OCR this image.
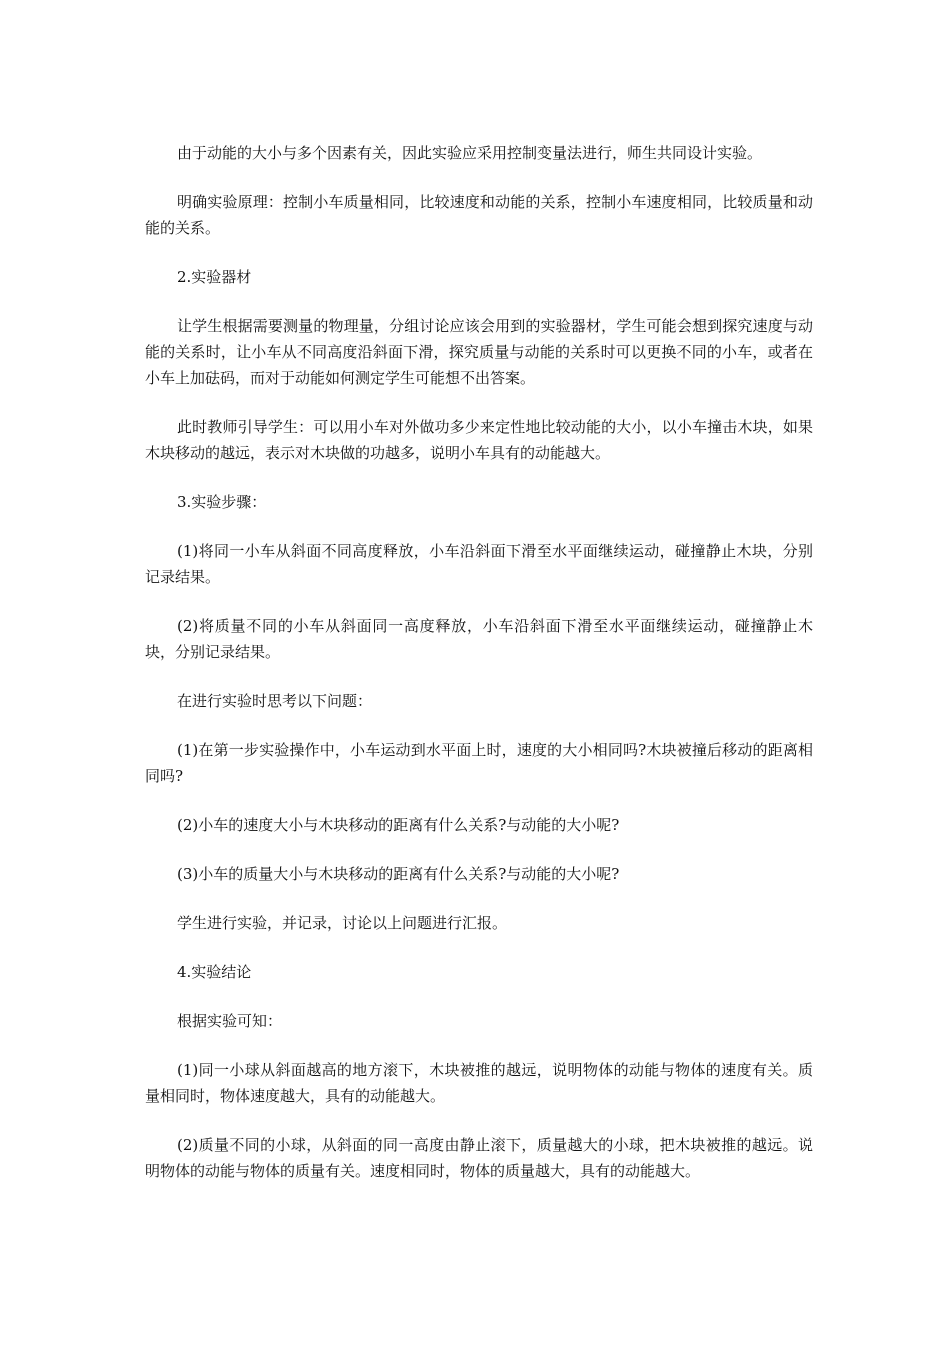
由于动能的大小与多个因素有关，因此实验应采用控制变量法进行，师生共同设计实验。

明确实验原理：控制小车质量相同，比较速度和动能的关系，控制小车速度相同，比较质量和动能的关系。

2.实验器材

让学生根据需要测量的物理量，分组讨论应该会用到的实验器材，学生可能会想到探究速度与动能的关系时，让小车从不同高度沿斜面下滑，探究质量与动能的关系时可以更换不同的小车，或者在小车上加砝码，而对于动能如何测定学生可能想不出答案。

此时教师引导学生：可以用小车对外做功多少来定性地比较动能的大小，以小车撞击木块，如果木块移动的越远，表示对木块做的功越多，说明小车具有的动能越大。

3.实验步骤：

(1)将同一小车从斜面不同高度释放，小车沿斜面下滑至水平面继续运动，碰撞静止木块，分别记录结果。

(2)将质量不同的小车从斜面同一高度释放，小车沿斜面下滑至水平面继续运动，碰撞静止木块，分别记录结果。

在进行实验时思考以下问题：

(1)在第一步实验操作中，小车运动到水平面上时，速度的大小相同吗?木块被撞后移动的距离相同吗?

(2)小车的速度大小与木块移动的距离有什么关系?与动能的大小呢?

(3)小车的质量大小与木块移动的距离有什么关系?与动能的大小呢?

学生进行实验，并记录，讨论以上问题进行汇报。

4.实验结论

根据实验可知：

(1)同一小球从斜面越高的地方滚下，木块被推的越远，说明物体的动能与物体的速度有关。质量相同时，物体速度越大，具有的动能越大。

(2)质量不同的小球，从斜面的同一高度由静止滚下，质量越大的小球，把木块被推的越远。说明物体的动能与物体的质量有关。速度相同时，物体的质量越大，具有的动能越大。
